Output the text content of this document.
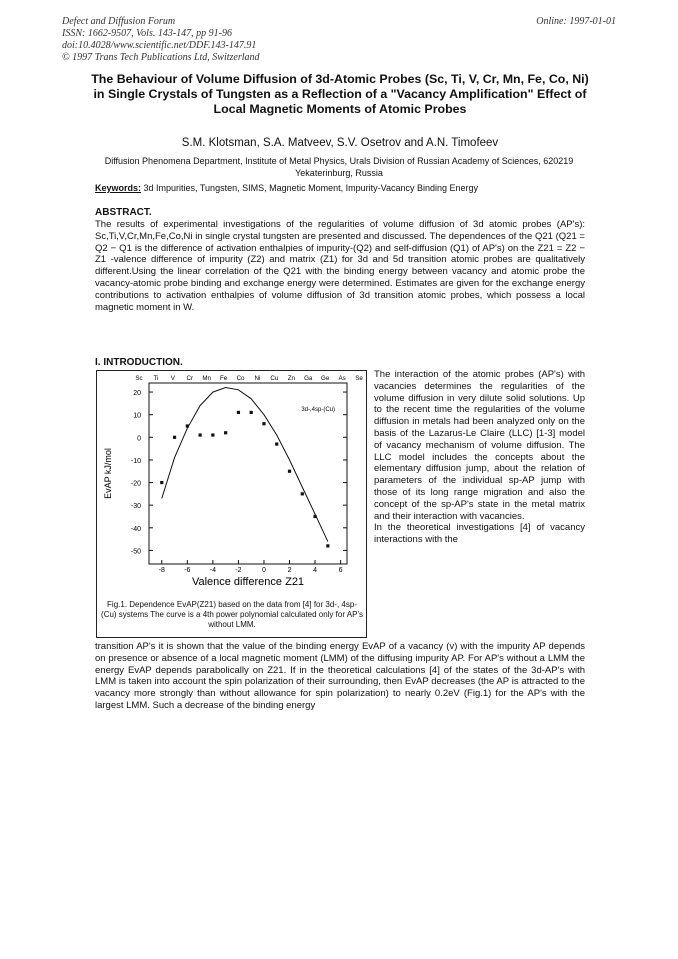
Defect and Diffusion Forum
ISSN: 1662-9507, Vols. 143-147, pp 91-96
doi:10.4028/www.scientific.net/DDF.143-147.91
© 1997 Trans Tech Publications Ltd, Switzerland
Online: 1997-01-01
The Behaviour of Volume Diffusion of 3d-Atomic Probes (Sc, Ti, V, Cr, Mn, Fe, Co, Ni) in Single Crystals of Tungsten as a Reflection of a "Vacancy Amplification" Effect of Local Magnetic Moments of Atomic Probes
S.M. Klotsman, S.A. Matveev, S.V. Osetrov and A.N. Timofeev
Diffusion Phenomena Department, Institute of Metal Physics, Urals Division of Russian Academy of Sciences, 620219 Yekaterinburg, Russia
Keywords: 3d Impurities, Tungsten, SIMS, Magnetic Moment, Impurity-Vacancy Binding Energy
ABSTRACT.
The results of experimental investigations of the regularities of volume diffusion of 3d atomic probes (AP's): Sc,Ti,V,Cr,Mn,Fe,Co,Ni in single crystal tungsten are presented and discussed. The dependences of the Q21 (Q21 = Q2 − Q1 is the difference of activation enthalpies of impurity-(Q2) and self-diffusion (Q1) of AP's) on the Z21 = Z2 − Z1 -valence difference of impurity (Z2) and matrix (Z1) for 3d and 5d transition atomic probes are qualitatively different.Using the linear correlation of the Q21 with the binding energy between vacancy and atomic probe the vacancy-atomic probe binding and exchange energy were determined. Estimates are given for the exchange energy contributions to activation enthalpies of volume diffusion of 3d transition atomic probes, which possess a local magnetic moment in W.
I. INTRODUCTION.
20
10
0
-10
-20
-30
-40
-50
-8	-6	-4	-2	0	2	4	6
Sc Ti V Cr Mn Fe Co Ni Cu Zn Ga Ge As Se
3d-,4sp-(Cu)
Valence difference Z21
EvAP kJ/mol
Fig.1. Dependence EvAP(Z21) based on the data from [4] for 3d-, 4sp-(Cu) systems The curve is a 4th power polynomial calculated only for AP's without LMM.

The interaction of the atomic probes (AP's) with vacancies determines the regularities of the volume diffusion in very dilute solid solutions. Up to the recent time the regularities of the volume diffusion in metals had been analyzed only on the basis of the Lazarus-Le Claire (LLC) [1-3] model of vacancy mechanism of volume diffusion. The LLC model includes the concepts about the elementary diffusion jump, about the relation of parameters of the individual sp-AP jump with those of its long range migration and also the concept of the sp-AP's state in the metal matrix and their interaction with vacancies.

In the theoretical investigations [4] of vacancy interactions with the

transition AP's it is shown that the value of the binding energy EvAP of a vacancy (v) with the impurity AP depends on presence or absence of a local magnetic moment (LMM) of the diffusing impurity AP. For AP's without a LMM the energy EvAP depends parabolically on Z21. If in the theoretical calculations [4] of the states of the 3d-AP's with LMM is taken into account the spin polarization of their surrounding, then EvAP decreases (the AP is attracted to the vacancy more strongly than without allowance for spin polarization) to nearly 0.2eV (Fig.1) for the AP's with the largest LMM. Such a decrease of the binding energy
